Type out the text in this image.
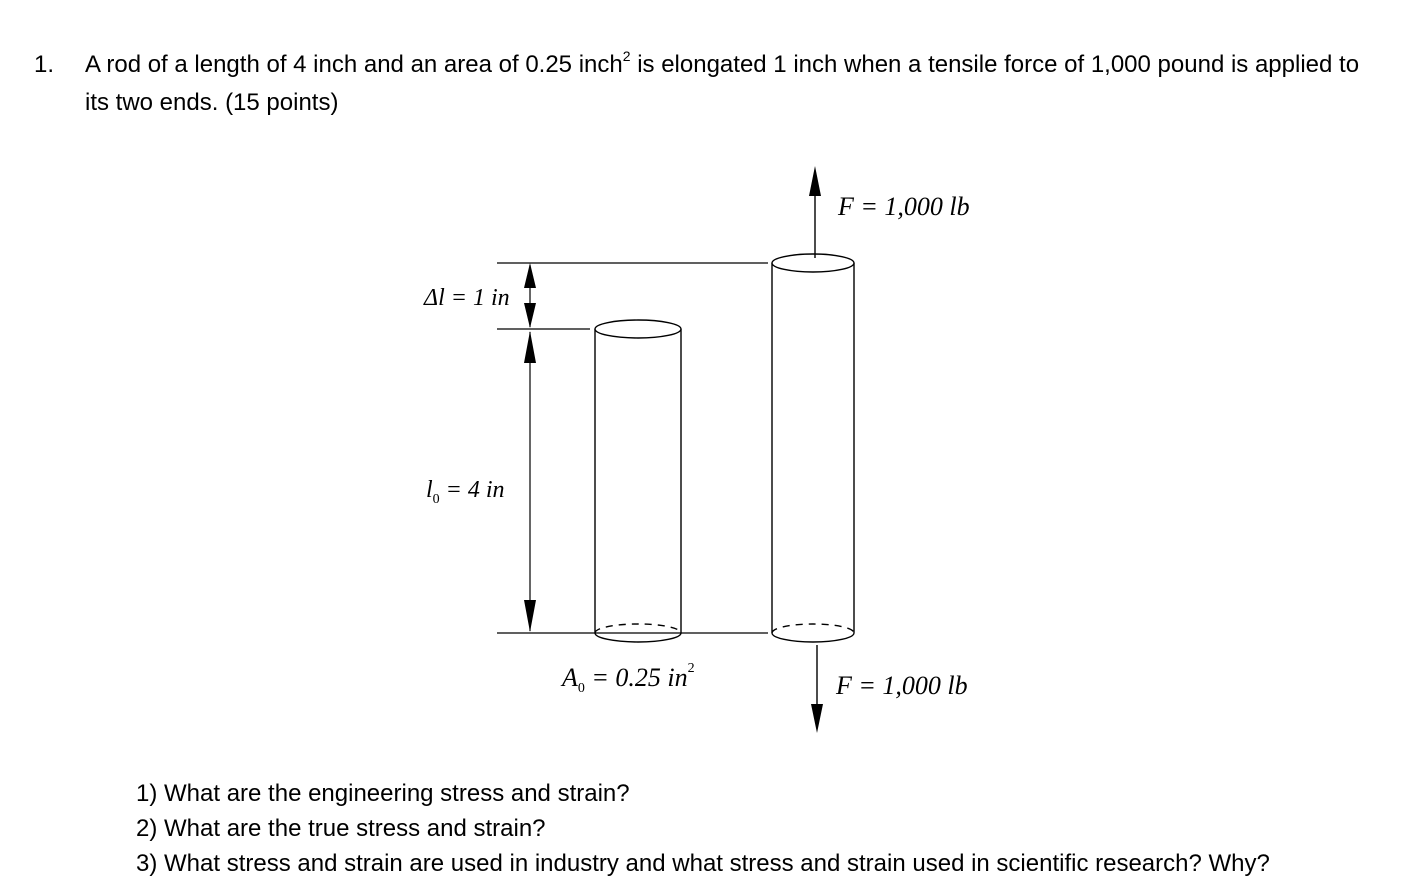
1. A rod of a length of 4 inch and an area of 0.25 inch$^2$ is elongated 1 inch when a tensile force of 1,000 pound is applied to its two ends. (15 points)
F = 1,000 lb
F = 1,000 lb
Δl = 1 in
$l_0 = 4$ in
$A_0 = 0.25$ $in^2$
1) What are the engineering stress and strain?
2) What are the true stress and strain?
3) What stress and strain are used in industry and what stress and strain used in scientific research? Why?
